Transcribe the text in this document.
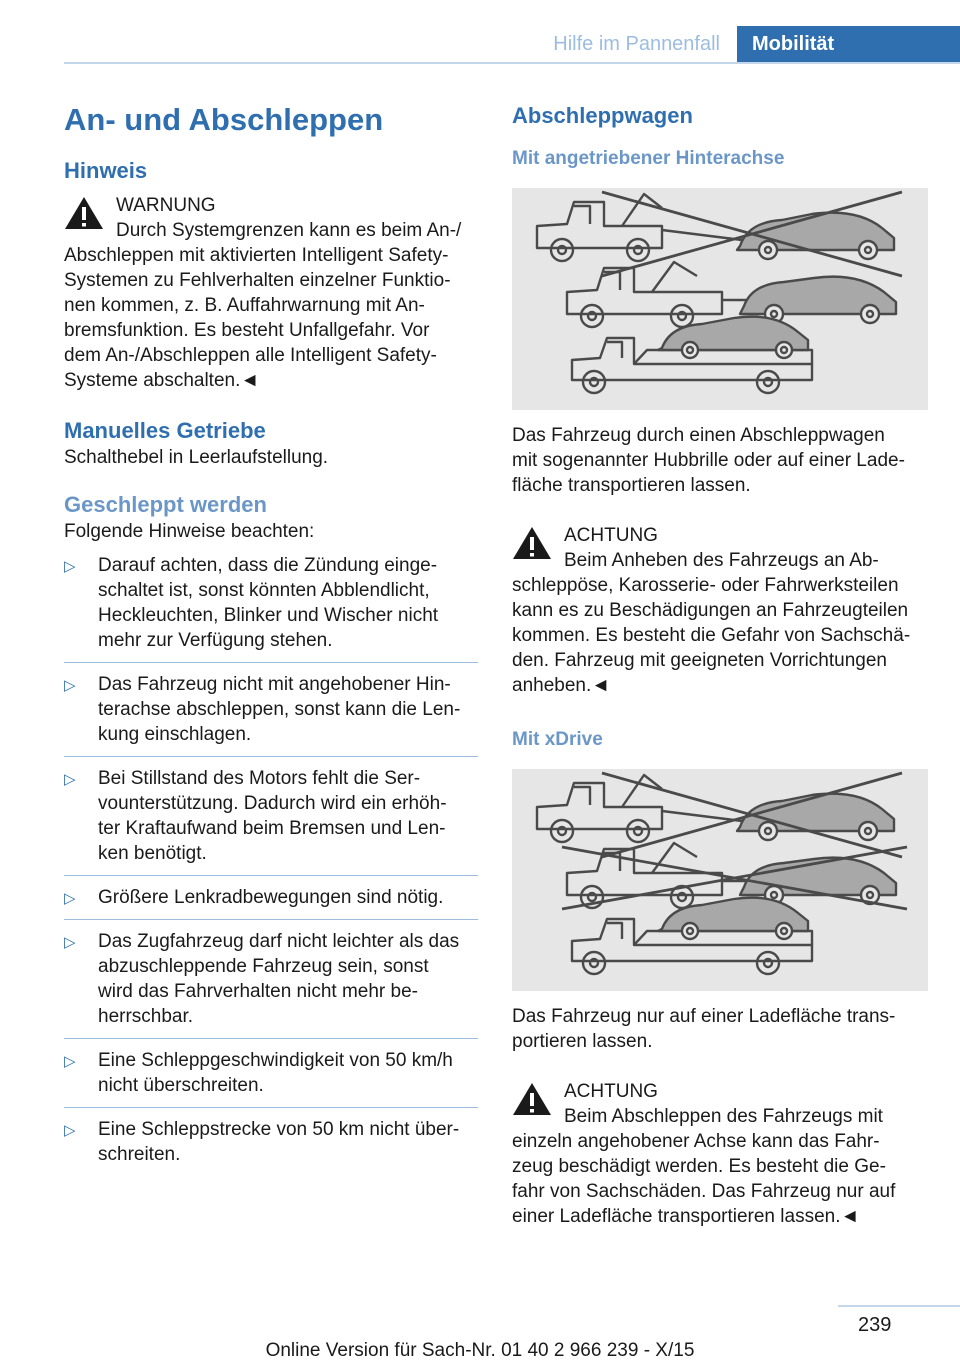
Hilfe im Pannenfall	Mobilität
An- und Abschleppen
Hinweis
WARNUNG
Durch Systemgrenzen kann es beim An-/
Abschleppen mit aktivierten Intelligent Safety-
Systemen zu Fehlverhalten einzelner Funktio-
nen kommen, z. B. Auffahrwarnung mit An-
bremsfunktion. Es besteht Unfallgefahr. Vor
dem An-/Abschleppen alle Intelligent Safety-
Systeme abschalten.◄
Manuelles Getriebe
Schalthebel in Leerlaufstellung.
Geschleppt werden
Folgende Hinweise beachten:
▷ Darauf achten, dass die Zündung einge-
schaltet ist, sonst könnten Abblendlicht,
Heckleuchten, Blinker und Wischer nicht
mehr zur Verfügung stehen.
▷ Das Fahrzeug nicht mit angehobener Hin-
terachse abschleppen, sonst kann die Len-
kung einschlagen.
▷ Bei Stillstand des Motors fehlt die Ser-
vounterstützung. Dadurch wird ein erhöh-
ter Kraftaufwand beim Bremsen und Len-
ken benötigt.
▷ Größere Lenkradbewegungen sind nötig.
▷ Das Zugfahrzeug darf nicht leichter als das
abzuschleppende Fahrzeug sein, sonst
wird das Fahrverhalten nicht mehr be-
herrschbar.
▷ Eine Schleppgeschwindigkeit von 50 km/h
nicht überschreiten.
▷ Eine Schleppstrecke von 50 km nicht über-
schreiten.
Abschleppwagen
Mit angetriebener Hinterachse
Das Fahrzeug durch einen Abschleppwagen
mit sogenannter Hubbrille oder auf einer Lade-
fläche transportieren lassen.
ACHTUNG
Beim Anheben des Fahrzeugs an Ab-
schleppöse, Karosserie- oder Fahrwerksteilen
kann es zu Beschädigungen an Fahrzeugteilen
kommen. Es besteht die Gefahr von Sachschä-
den. Fahrzeug mit geeigneten Vorrichtungen
anheben.◄
Mit xDrive
Das Fahrzeug nur auf einer Ladefläche trans-
portieren lassen.
ACHTUNG
Beim Abschleppen des Fahrzeugs mit
einzeln angehobener Achse kann das Fahr-
zeug beschädigt werden. Es besteht die Ge-
fahr von Sachschäden. Das Fahrzeug nur auf
einer Ladefläche transportieren lassen.◄
239
Online Version für Sach-Nr. 01 40 2 966 239 - X/15
